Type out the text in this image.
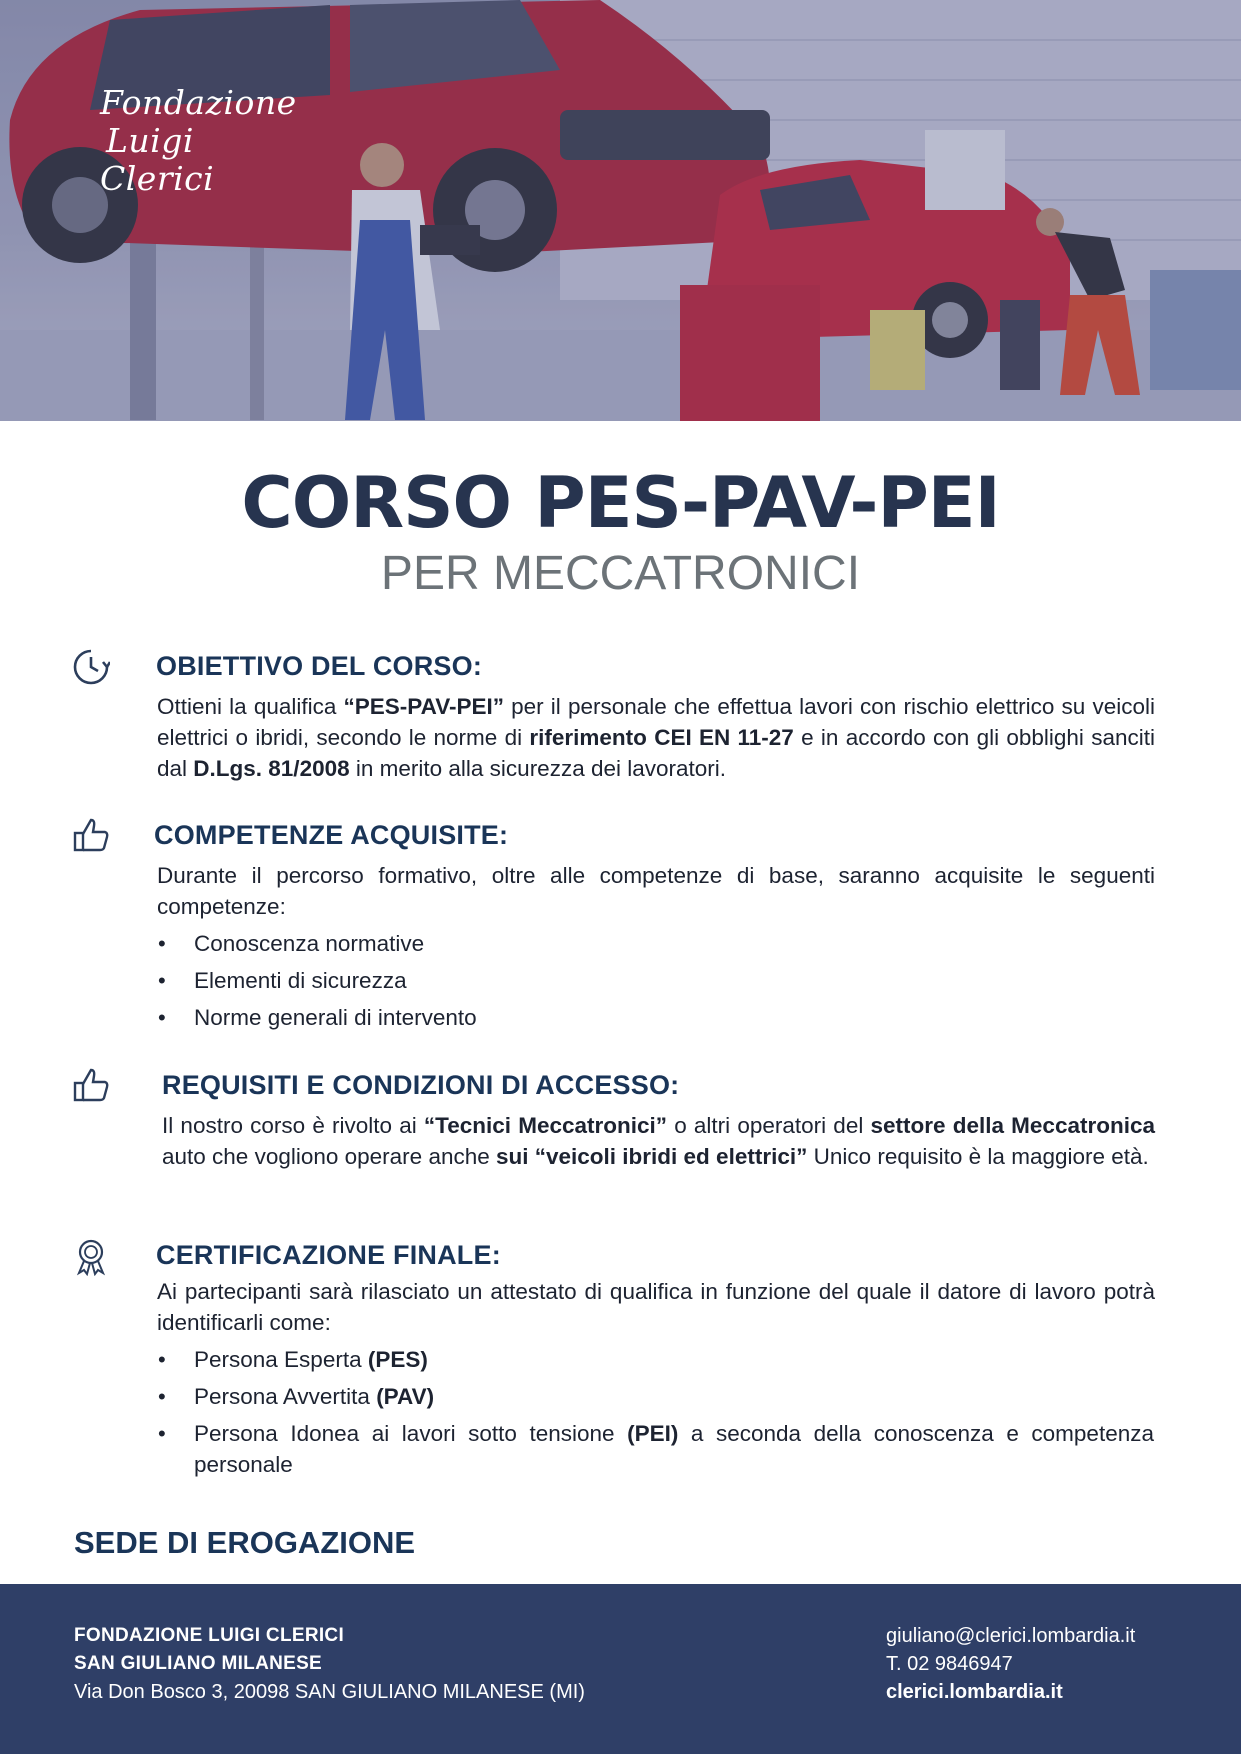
Fondazione
Luigi
Clerici
CORSO PES-PAV-PEI
PER MECCATRONICI
OBIETTIVO DEL CORSO:

Ottieni la qualifica “PES-PAV-PEI” per il personale che effettua lavori con rischio elettrico su veicoli elettrici o ibridi, secondo le norme di riferimento CEI EN 11-27 e in accordo con gli obblighi sanciti dal D.Lgs. 81/2008 in merito alla sicurezza dei lavoratori.

COMPETENZE ACQUISITE:

Durante il percorso formativo, oltre alle competenze di base, saranno acquisite le seguenti competenze:

• Conoscenza normative
• Elementi di sicurezza
• Norme generali di intervento
REQUISITI E CONDIZIONI DI ACCESSO:

Il nostro corso è rivolto ai “Tecnici Meccatronici” o altri operatori del settore della Meccatronica auto che vogliono operare anche sui “veicoli ibridi ed elettrici” Unico requisito è la maggiore età.

CERTIFICAZIONE FINALE:

Ai partecipanti sarà rilasciato un attestato di qualifica in funzione del quale il datore di lavoro potrà identificarli come:

• Persona Esperta (PES)
• Persona Avvertita (PAV)
• Persona Idonea ai lavori sotto tensione (PEI) a seconda della conoscenza e competenza personale
SEDE DI EROGAZIONE
FONDAZIONE LUIGI CLERICI
SAN GIULIANO MILANESE
Via Don Bosco 3, 20098 SAN GIULIANO MILANESE (MI)
giuliano@clerici.lombardia.it
T. 02 9846947
clerici.lombardia.it
